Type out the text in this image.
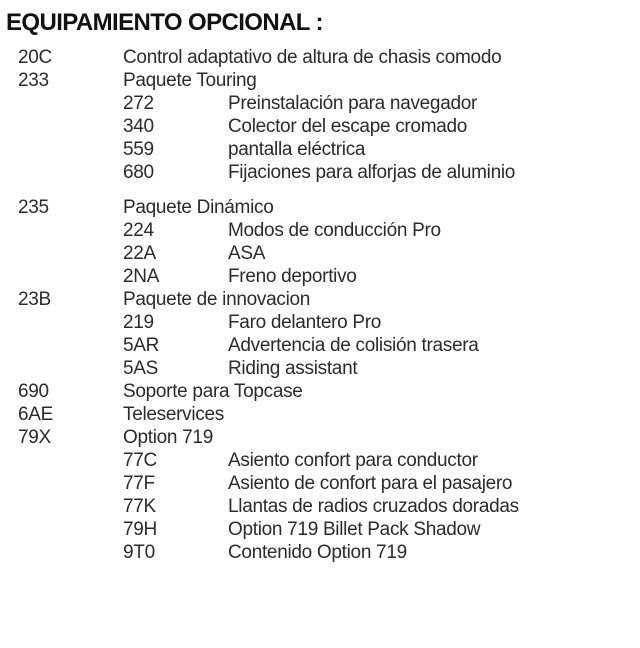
EQUIPAMIENTO OPCIONAL :
20C	Control adaptativo de altura de chasis comodo
233	Paquete Touring
272	Preinstalación para navegador
340	Colector del escape cromado
559	pantalla eléctrica
680	Fijaciones para alforjas de aluminio
235	Paquete Dinámico
224	Modos de conducción Pro
22A	ASA
2NA	Freno deportivo
23B	Paquete de innovacion
219	Faro delantero Pro
5AR	Advertencia de colisión trasera
5AS	Riding assistant
690	Soporte para Topcase
6AE	Teleservices
79X	Option 719
77C	Asiento confort para conductor
77F	Asiento de confort para el pasajero
77K	Llantas de radios cruzados doradas
79H	Option 719 Billet Pack Shadow
9T0	Contenido Option 719
